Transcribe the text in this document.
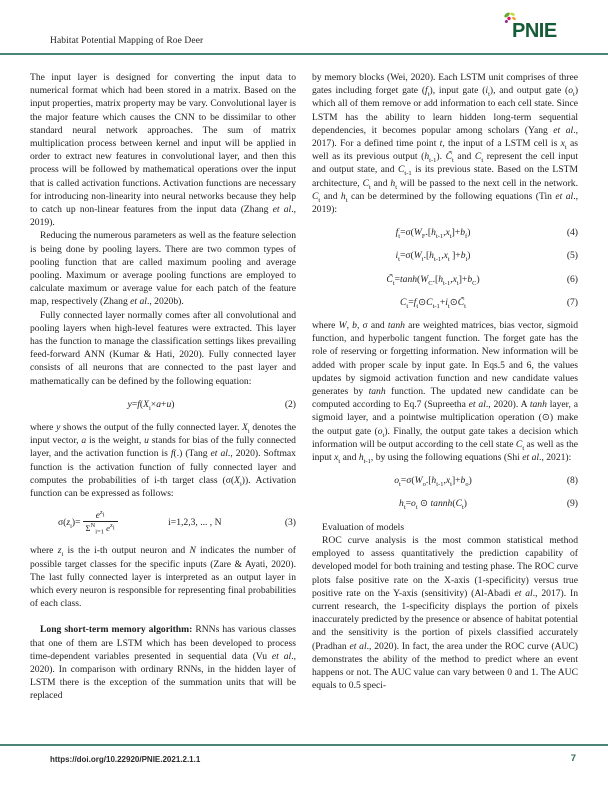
Habitat Potential Mapping of Roe Deer	PNIE

The input layer is designed for converting the input data to numerical format which had been stored in a matrix. Based on the input properties, matrix property may be vary. Convolutional layer is the major feature which causes the CNN to be dissimilar to other standard neural network approaches. The sum of matrix multiplication process between kernel and input will be applied in order to extract new features in convolutional layer, and then this process will be followed by mathematical operations over the input that is called activation functions. Activation functions are necessary for introducing non-linearity into neural networks because they help to catch up non-linear features from the input data (Zhang et al., 2019).

Reducing the numerous parameters as well as the feature selection is being done by pooling layers. There are two common types of pooling function that are called maximum pooling and average pooling. Maximum or average pooling functions are employed to calculate maximum or average value for each patch of the feature map, respectively (Zhang et al., 2020b).

Fully connected layer normally comes after all convolutional and pooling layers when high-level features were extracted. This layer has the function to manage the classification settings likes prevailing feed-forward ANN (Kumar & Hati, 2020). Fully connected layer consists of all neurons that are connected to the past layer and mathematically can be defined by the following equation:

$y=f(X_i\times a+u)$	(2)

where y shows the output of the fully connected layer. $X_i$ denotes the input vector, a is the weight, u stands for bias of the fully connected layer, and the activation function is f(.) (Tang et al., 2020). Softmax function is the activation function of fully connected layer and computes the probabilities of i-th target class $(\sigma(X_i))$. Activation function can be expressed as follows:

$\sigma(z_i)= \frac{e^{z_i}}{\Sigma^N_{i=1} e^{z_i}}$	i=1,2,3, ... , N	(3)

where $z_i$ is the i-th output neuron and N indicates the number of possible target classes for the specific inputs (Zare & Ayati, 2020). The last fully connected layer is interpreted as an output layer in which every neuron is responsible for representing final probabilities of each class.

Long short-term memory algorithm: RNNs has various classes that one of them are LSTM which has been developed to process time-dependent variables presented in sequential data (Vu et al., 2020). In comparison with ordinary RNNs, in the hidden layer of LSTM there is the exception of the summation units that will be replaced

by memory blocks (Wei, 2020). Each LSTM unit comprises of three gates including forget gate $(f_t)$, input gate $(i_t)$, and output gate $(o_t)$ which all of them remove or add information to each cell state. Since LSTM has the ability to learn hidden long-term sequential dependencies, it becomes popular among scholars (Yang et al., 2017). For a defined time point t, the input of a LSTM cell is $x_t$ as well as its previous output $(h_{t-1})$. $C̃_t$ and $C_t$ represent the cell input and output state, and $C_{t-1}$ is its previous state. Based on the LSTM architecture, $C_t$ and $h_t$ will be passed to the next cell in the network. $C_t$ and $h_t$ can be determined by the following equations (Tin et al., 2019):

$f_t=\sigma(W_F.[h_{t-1},x_t]+b_f)$	(4)
$i_t=\sigma(W_i.[h_{t-1},x_t$ ]$+b_i$)	(5)
$C̃_t=\tanh(W_C.[h_{t-1},x_t]+b_C)$	(6)
$C_t=f_t⊙C_{t-1}+i_t⊙C̃_t$	(7)

where W, b, σ and tanh are weighted matrices, bias vector, sigmoid function, and hyperbolic tangent function. The forget gate has the role of reserving or forgetting information. New information will be added with proper scale by input gate. In Eqs.5 and 6, the values updates by sigmoid activation function and new candidate values generates by tanh function. The updated new candidate can be computed according to Eq.7 (Supreetha et al., 2020). A tanh layer, a sigmoid layer, and a pointwise multiplication operation (⊙) make the output gate $(o_t)$. Finally, the output gate takes a decision which information will be output according to the cell state $C_t$ as well as the input $x_t$ and $h_{t-1}$, by using the following equations (Shi et al., 2021):

$o_t=\sigma(W_o.[h_{t-1},x_t]+b_o)$	(8)
$h_t=o_t$ ⊙ $tannh(C_t)$	(9)

Evaluation of models

ROC curve analysis is the most common statistical method employed to assess quantitatively the prediction capability of developed model for both training and testing phase. The ROC curve plots false positive rate on the X-axis (1-specificity) versus true positive rate on the Y-axis (sensitivity) (Al-Abadi et al., 2017). In current research, the 1-specificity displays the portion of pixels inaccurately predicted by the presence or absence of habitat potential and the sensitivity is the portion of pixels classified accurately (Pradhan et al., 2020). In fact, the area under the ROC curve (AUC) demonstrates the ability of the method to predict where an event happens or not. The AUC value can vary between 0 and 1. The AUC equals to 0.5 speci-

https://doi.org/10.22920/PNIE.2021.2.1.1	7
